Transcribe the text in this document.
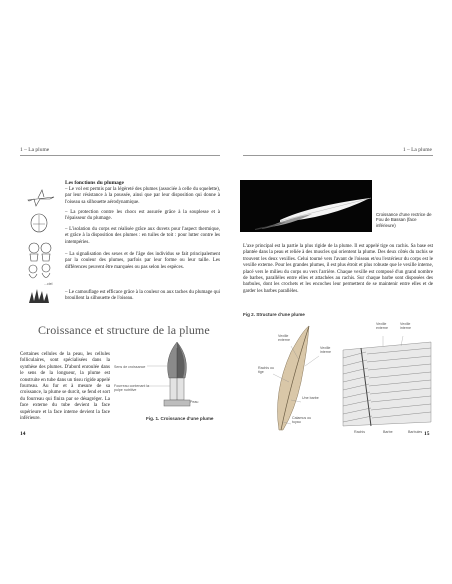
1 – La plume	1 – La plume
Les fonctions du plumage
...ciel
– Le vol est permis par la légèreté des plumes (associée à celle du squelette), par leur résistance à la poussée, ainsi que par leur disposition qui donne à l'oiseau sa silhouette aérodynamique.
– La protection contre les chocs est assurée grâce à la souplesse et à l'épaisseur du plumage.
– L'isolation du corps est réalisée grâce aux duvets pour l'aspect thermique, et grâce à la disposition des plumes : en tuiles de toit : pour lutter contre les intempéries.
– La signalisation des sexes et de l'âge des individus se fait principalement par la couleur des plumes, parfois par leur forme ou leur taille. Les différences peuvent être marquées ou pas selon les espèces.
– Le camouflage est efficace grâce à la couleur ou aux taches du plumage qui brouillent la silhouette de l'oiseau.
Croissance et structure de la plume
Certaines cellules de la peau, les cellules folliculaires, sont spécialisées dans la synthèse des plumes. D'abord enroulée dans le sens de la longueur, la plume est construite en tube dans un tissu rigide appelé fourreau. Au fur et à mesure de sa croissance, la plume se durcit, se fend et sort du fourreau qui finira par se désagréger. La face externe du tube devient la face supérieure et la face interne devient la face inférieure.
Sens de croissance
Fourreau contenant la pulpe nutritive
Peau
Fig. 1. Croissance d'une plume
14
Croissance d'une rectrice de Fou de Bassan (face inférieure)
L'axe principal est la partie la plus rigide de la plume. Il est appelé tige ou rachis. Sa base est plantée dans la peau et reliée à des muscles qui orientent la plume. Des deux côtés du rachis se trouvent les deux vexilles. Celui tourné vers l'avant de l'oiseau et/ou l'extérieur du corps est le vexille externe. Pour les grandes plumes, il est plus étroit et plus robuste que le vexille interne, placé vers le milieu du corps ou vers l'arrière. Chaque vexille est composé d'un grand nombre de barbes, parallèles entre elles et attachées au rachis. Sur chaque barbe sont disposées des barbules, dont les crochets et les encoches leur permettent de se maintenir entre elles et de garder les barbes parallèles.
Fig 2. Structure d'une plume
Vexille externe
Vexille interne
Rachis ou tige
Une barbe
Calamus ou tuyau
Vexille externe
Vexille interne
Rachis	Barbe	Barbules 15
